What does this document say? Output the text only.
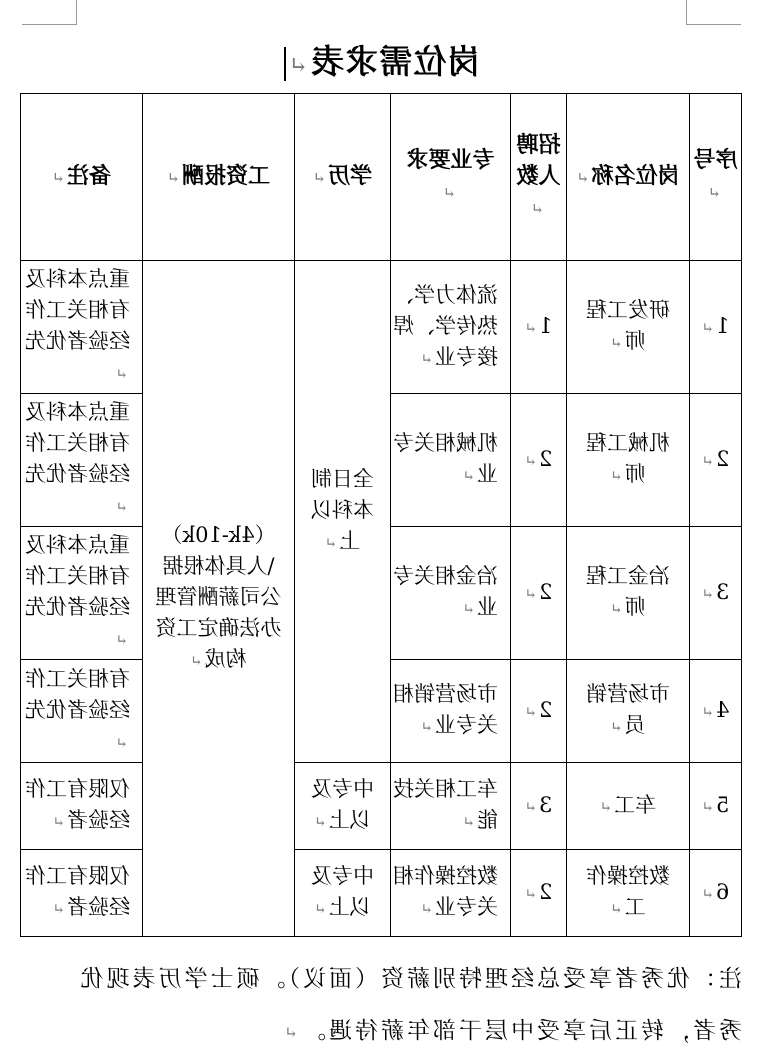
岗位需求表↵
序号↵	岗位名称↵	招聘人数↵	专业要求↵	学历↵	工资报酬↵	备注↵
1↵	研发工程师↵	1↵	流体力学、热传学、焊接专业↵	全日制本科以上↵	（4k-10k）\人具体根据公司薪酬管理办法确定工资构成↵	重点本科及有相关工作经验者优先↵
2↵	机械工程师↵	2↵	机械相关专业↵			重点本科及有相关工作经验者优先↵
3↵	冶金工程师↵	2↵	冶金相关专业↵			重点本科及有相关工作经验者优先↵
4↵	市场营销员↵	2↵	市场营销相关专业↵			有相关工作经验者优先↵
5↵	车工↵	3↵	车工相关技能↵	中专及以上↵		仅限有工作经验者↵
6↵	数控操作工↵	2↵	数控操作相关专业↵	中专及以上↵		仅限有工作经验者↵
注：优秀者享受总经理特别薪资（面议）。硕士学历表现优
秀者，转正后享受中层干部年薪待遇。↵
